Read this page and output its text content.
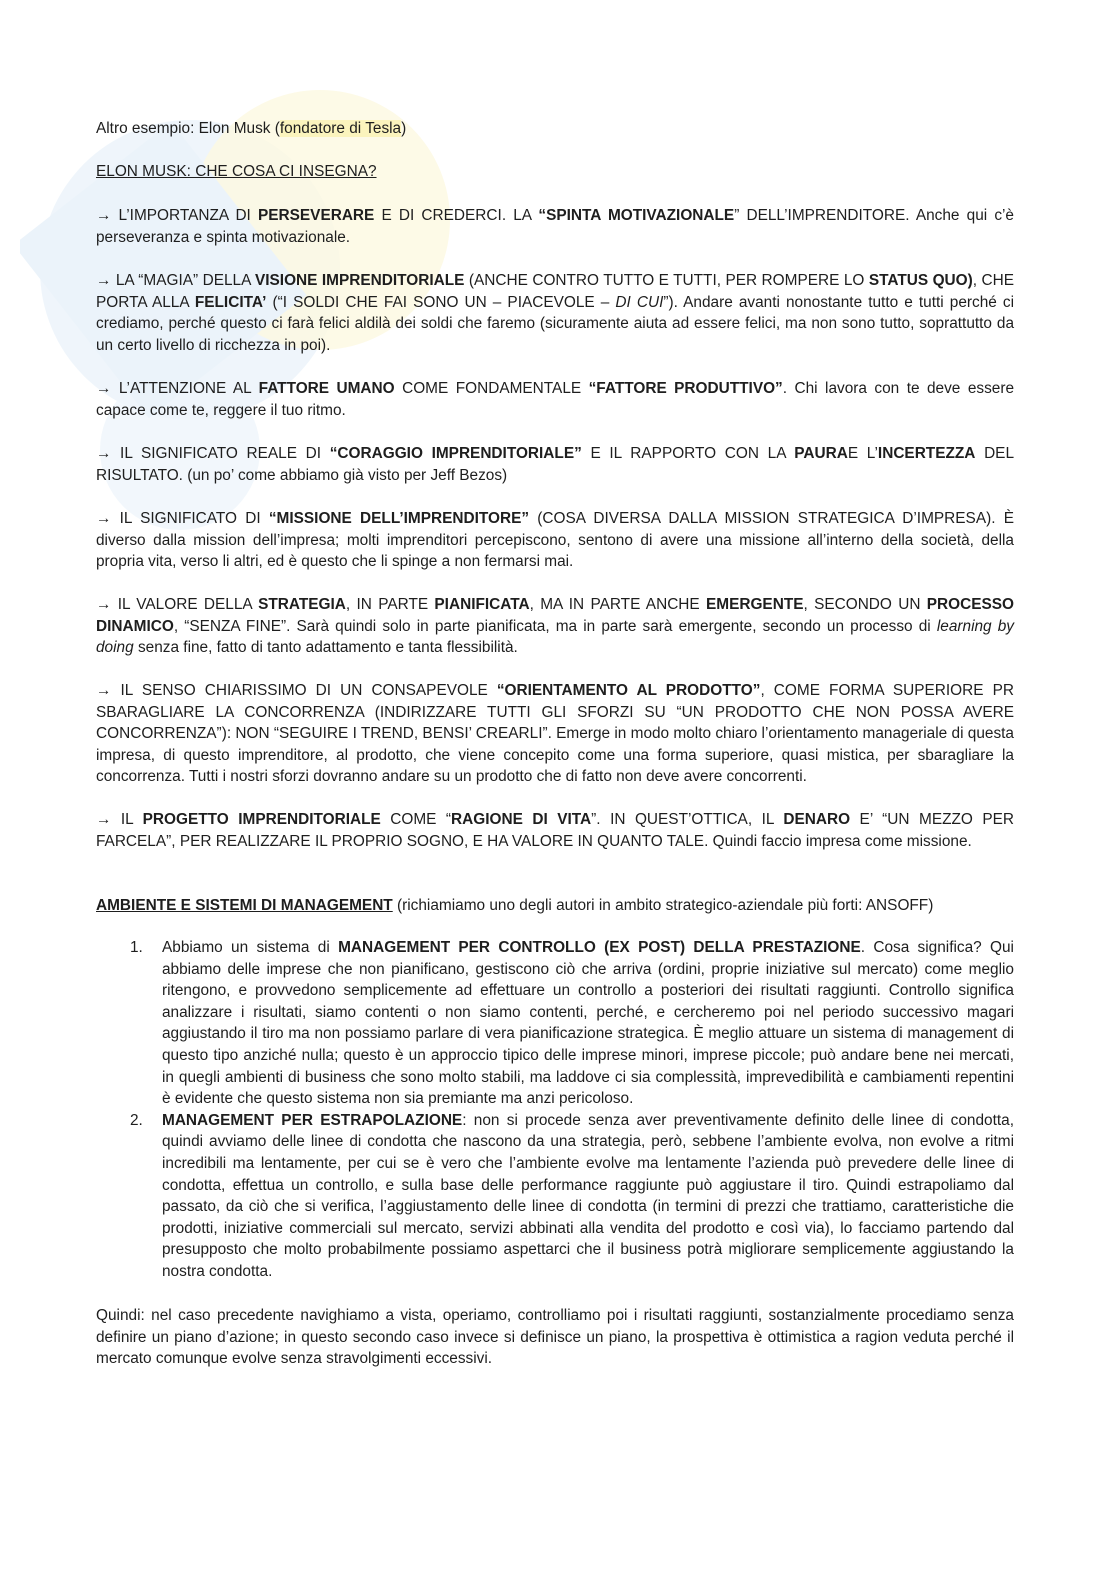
Altro esempio: Elon Musk (fondatore di Tesla)

ELON MUSK: CHE COSA CI INSEGNA?

→ L’IMPORTANZA DI PERSEVERARE E DI CREDERCI. LA “SPINTA MOTIVAZIONALE” DELL’IMPRENDITORE. Anche qui c’è perseveranza e spinta motivazionale.

→ LA “MAGIA” DELLA VISIONE IMPRENDITORIALE (ANCHE CONTRO TUTTO E TUTTI, PER ROMPERE LO STATUS QUO), CHE PORTA ALLA FELICITA’ (“I SOLDI CHE FAI SONO UN – PIACEVOLE – DI CUI”). Andare avanti nonostante tutto e tutti perché ci crediamo, perché questo ci farà felici aldilà dei soldi che faremo (sicuramente aiuta ad essere felici, ma non sono tutto, soprattutto da un certo livello di ricchezza in poi).

→ L’ATTENZIONE AL FATTORE UMANO COME FONDAMENTALE “FATTORE PRODUTTIVO”. Chi lavora con te deve essere capace come te, reggere il tuo ritmo.

→ IL SIGNIFICATO REALE DI “CORAGGIO IMPRENDITORIALE” E IL RAPPORTO CON LA PAURAE L’INCERTEZZA DEL RISULTATO. (un po’ come abbiamo già visto per Jeff Bezos)

→ IL SIGNIFICATO DI “MISSIONE DELL’IMPRENDITORE” (COSA DIVERSA DALLA MISSION STRATEGICA D’IMPRESA). È diverso dalla mission dell’impresa; molti imprenditori percepiscono, sentono di avere una missione all’interno della società, della propria vita, verso li altri, ed è questo che li spinge a non fermarsi mai.

→ IL VALORE DELLA STRATEGIA, IN PARTE PIANIFICATA, MA IN PARTE ANCHE EMERGENTE, SECONDO UN PROCESSO DINAMICO, “SENZA FINE”. Sarà quindi solo in parte pianificata, ma in parte sarà emergente, secondo un processo di learning by doing senza fine, fatto di tanto adattamento e tanta flessibilità.

→ IL SENSO CHIARISSIMO DI UN CONSAPEVOLE “ORIENTAMENTO AL PRODOTTO”, COME FORMA SUPERIORE PR SBARAGLIARE LA CONCORRENZA (INDIRIZZARE TUTTI GLI SFORZI SU “UN PRODOTTO CHE NON POSSA AVERE CONCORRENZA”): NON “SEGUIRE I TREND, BENSI’ CREARLI”. Emerge in modo molto chiaro l’orientamento manageriale di questa impresa, di questo imprenditore, al prodotto, che viene concepito come una forma superiore, quasi mistica, per sbaragliare la concorrenza. Tutti i nostri sforzi dovranno andare su un prodotto che di fatto non deve avere concorrenti.

→ IL PROGETTO IMPRENDITORIALE COME “RAGIONE DI VITA”. IN QUEST’OTTICA, IL DENARO E’ “UN MEZZO PER FARCELA”, PER REALIZZARE IL PROPRIO SOGNO, E HA VALORE IN QUANTO TALE. Quindi faccio impresa come missione.

AMBIENTE E SISTEMI DI MANAGEMENT (richiamiamo uno degli autori in ambito strategico-aziendale più forti: ANSOFF)

1. Abbiamo un sistema di MANAGEMENT PER CONTROLLO (EX POST) DELLA PRESTAZIONE. Cosa significa? Qui abbiamo delle imprese che non pianificano, gestiscono ciò che arriva (ordini, proprie iniziative sul mercato) come meglio ritengono, e provvedono semplicemente ad effettuare un controllo a posteriori dei risultati raggiunti. Controllo significa analizzare i risultati, siamo contenti o non siamo contenti, perché, e cercheremo poi nel periodo successivo magari aggiustando il tiro ma non possiamo parlare di vera pianificazione strategica. È meglio attuare un sistema di management di questo tipo anziché nulla; questo è un approccio tipico delle imprese minori, imprese piccole; può andare bene nei mercati, in quegli ambienti di business che sono molto stabili, ma laddove ci sia complessità, imprevedibilità e cambiamenti repentini è evidente che questo sistema non sia premiante ma anzi pericoloso.
2. MANAGEMENT PER ESTRAPOLAZIONE: non si procede senza aver preventivamente definito delle linee di condotta, quindi avviamo delle linee di condotta che nascono da una strategia, però, sebbene l’ambiente evolva, non evolve a ritmi incredibili ma lentamente, per cui se è vero che l’ambiente evolve ma lentamente l’azienda può prevedere delle linee di condotta, effettua un controllo, e sulla base delle performance raggiunte può aggiustare il tiro. Quindi estrapoliamo dal passato, da ciò che si verifica, l’aggiustamento delle linee di condotta (in termini di prezzi che trattiamo, caratteristiche die prodotti, iniziative commerciali sul mercato, servizi abbinati alla vendita del prodotto e così via), lo facciamo partendo dal presupposto che molto probabilmente possiamo aspettarci che il business potrà migliorare semplicemente aggiustando la nostra condotta.

Quindi: nel caso precedente navighiamo a vista, operiamo, controlliamo poi i risultati raggiunti, sostanzialmente procediamo senza definire un piano d’azione; in questo secondo caso invece si definisce un piano, la prospettiva è ottimistica a ragion veduta perché il mercato comunque evolve senza stravolgimenti eccessivi.
